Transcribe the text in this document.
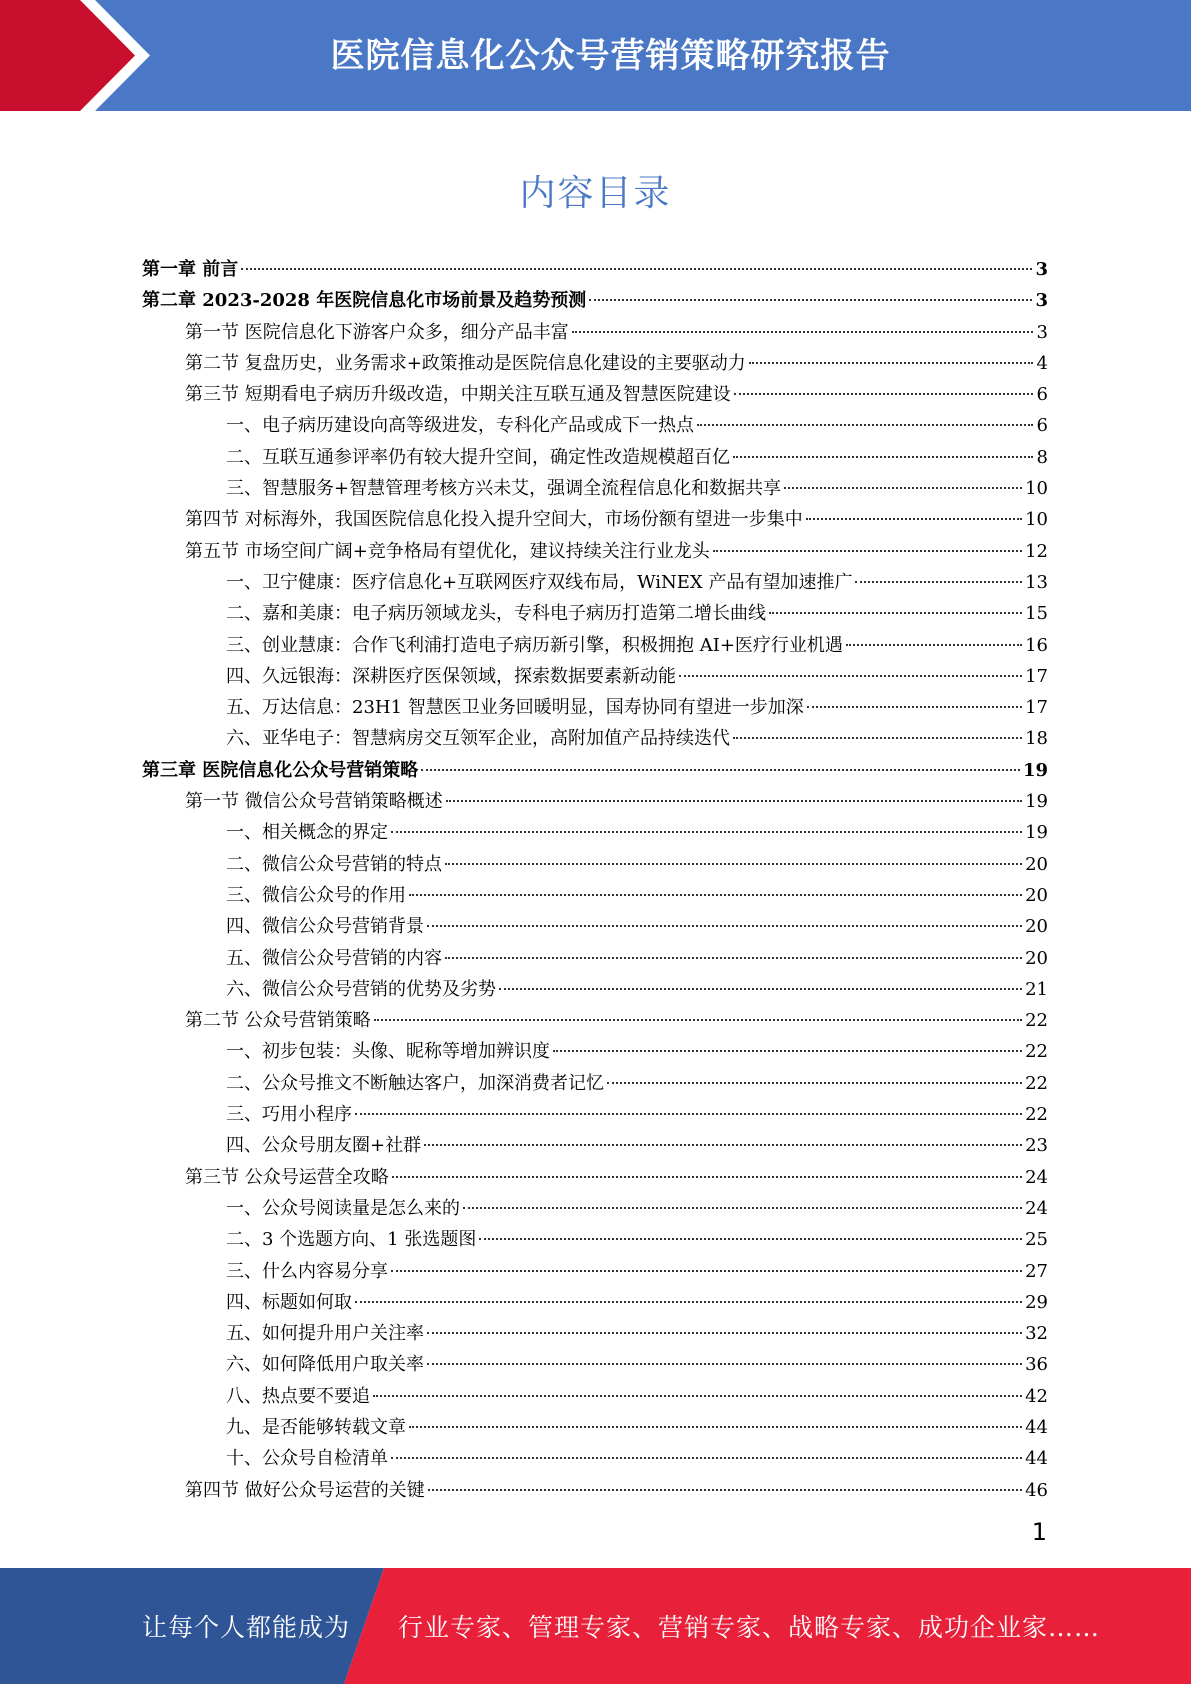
医院信息化公众号营销策略研究报告
内容目录
第一章 前言	3
第二章 2023-2028 年医院信息化市场前景及趋势预测	3
第一节 医院信息化下游客户众多，细分产品丰富	3
第二节 复盘历史，业务需求+政策推动是医院信息化建设的主要驱动力	4
第三节 短期看电子病历升级改造，中期关注互联互通及智慧医院建设	6
一、电子病历建设向高等级进发，专科化产品或成下一热点	6
二、互联互通参评率仍有较大提升空间，确定性改造规模超百亿	8
三、智慧服务+智慧管理考核方兴未艾，强调全流程信息化和数据共享	10
第四节 对标海外，我国医院信息化投入提升空间大，市场份额有望进一步集中	10
第五节 市场空间广阔+竞争格局有望优化，建议持续关注行业龙头	12
一、卫宁健康：医疗信息化+互联网医疗双线布局，WiNEX 产品有望加速推广	13
二、嘉和美康：电子病历领域龙头，专科电子病历打造第二增长曲线	15
三、创业慧康：合作飞利浦打造电子病历新引擎，积极拥抱 AI+医疗行业机遇	16
四、久远银海：深耕医疗医保领域，探索数据要素新动能	17
五、万达信息：23H1 智慧医卫业务回暖明显，国寿协同有望进一步加深	17
六、亚华电子：智慧病房交互领军企业，高附加值产品持续迭代	18
第三章 医院信息化公众号营销策略	19
第一节 微信公众号营销策略概述	19
一、相关概念的界定	19
二、微信公众号营销的特点	20
三、微信公众号的作用	20
四、微信公众号营销背景	20
五、微信公众号营销的内容	20
六、微信公众号营销的优势及劣势	21
第二节 公众号营销策略	22
一、初步包装：头像、昵称等增加辨识度	22
二、公众号推文不断触达客户，加深消费者记忆	22
三、巧用小程序	22
四、公众号朋友圈+社群	23
第三节 公众号运营全攻略	24
一、公众号阅读量是怎么来的	24
二、3 个选题方向、1 张选题图	25
三、什么内容易分享	27
四、标题如何取	29
五、如何提升用户关注率	32
六、如何降低用户取关率	36
八、热点要不要追	42
九、是否能够转载文章	44
十、公众号自检清单	44
第四节 做好公众号运营的关键	46
1
让每个人都能成为 行业专家、管理专家、营销专家、战略专家、成功企业家……
